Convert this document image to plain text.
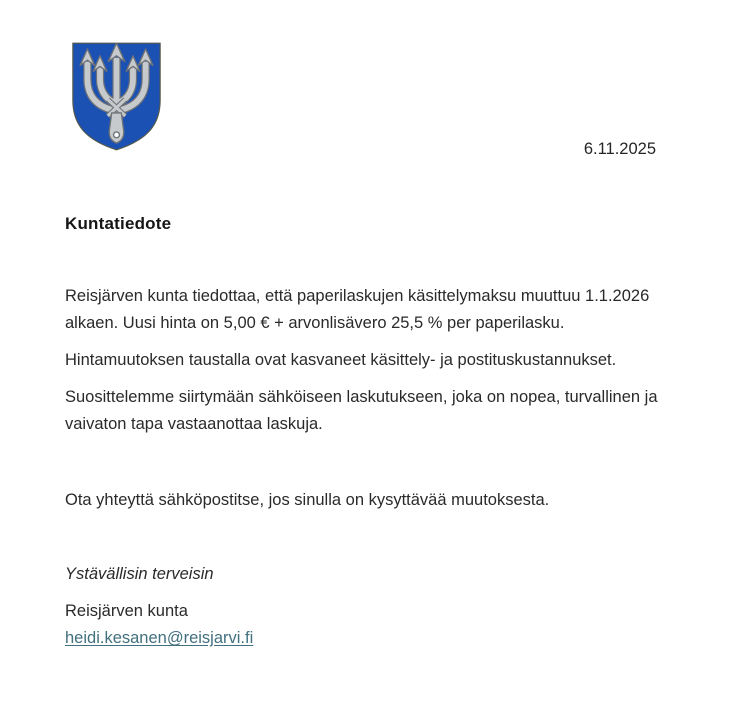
6.11.2025
Kuntatiedote

Reisjärven kunta tiedottaa, että paperilaskujen käsittelymaksu muuttuu 1.1.2026 alkaen. Uusi hinta on 5,00 € + arvonlisävero 25,5 % per paperilasku.

Hintamuutoksen taustalla ovat kasvaneet käsittely- ja postituskustannukset.

Suosittelemme siirtymään sähköiseen laskutukseen, joka on nopea, turvallinen ja vaivaton tapa vastaanottaa laskuja.

Ota yhteyttä sähköpostitse, jos sinulla on kysyttävää muutoksesta.

Ystävällisin terveisin

Reisjärven kunta

heidi.kesanen@reisjarvi.fi
